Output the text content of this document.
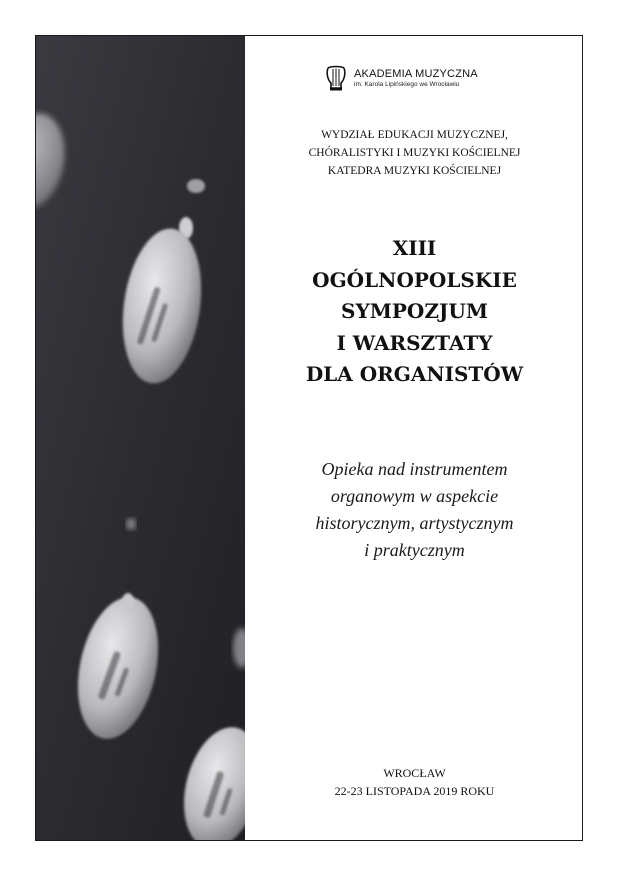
AKADEMIA MUZYCZNA
im. Karola Lipińskiego we Wrocławiu
WYDZIAŁ EDUKACJI MUZYCZNEJ,
CHÓRALISTYKI I MUZYKI KOŚCIELNEJ
KATEDRA MUZYKI KOŚCIELNEJ
XIII
OGÓLNOPOLSKIE
SYMPOZJUM
I WARSZTATY
DLA ORGANISTÓW
Opieka nad instrumentem
organowym w aspekcie
historycznym, artystycznym
i praktycznym
WROCŁAW
22-23 LISTOPADA 2019 ROKU
